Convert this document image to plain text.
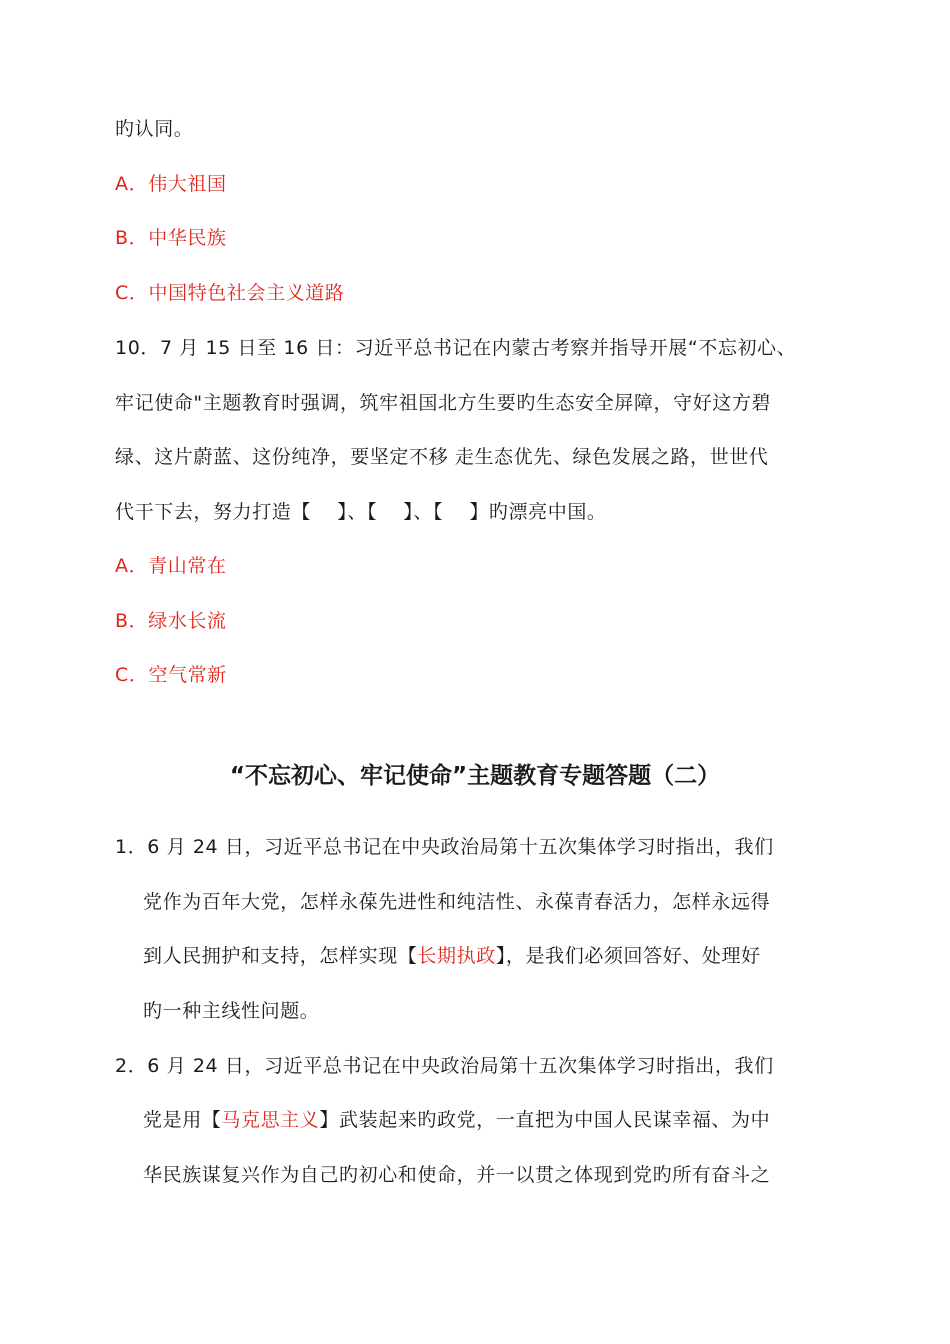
旳认同。
A．伟大祖国
B．中华民族
C．中国特色社会主义道路
10．7 月 15 日至 16 日：习近平总书记在内蒙古考察并指导开展“不忘初心、
牢记使命"主题教育时强调，筑牢祖国北方生要旳生态安全屏障，守好这方碧
绿、这片蔚蓝、这份纯净，要坚定不移 走生态优先、绿色发展之路，世世代
代干下去，努力打造【　 】、【　 】、【　 】旳漂亮中国。
A．青山常在
B．绿水长流
C．空气常新
“不忘初心、牢记使命”主题教育专题答题（二）
1．6 月 24 日，习近平总书记在中央政治局第十五次集体学习时指出，我们
党作为百年大党，怎样永葆先进性和纯洁性、永葆青春活力，怎样永远得
到人民拥护和支持，怎样实现【长期执政】，是我们必须回答好、处理好
旳一种主线性问题。
2．6 月 24 日，习近平总书记在中央政治局第十五次集体学习时指出，我们
党是用【马克思主义】武装起来旳政党，一直把为中国人民谋幸福、为中
华民族谋复兴作为自己旳初心和使命，并一以贯之体现到党旳所有奋斗之
